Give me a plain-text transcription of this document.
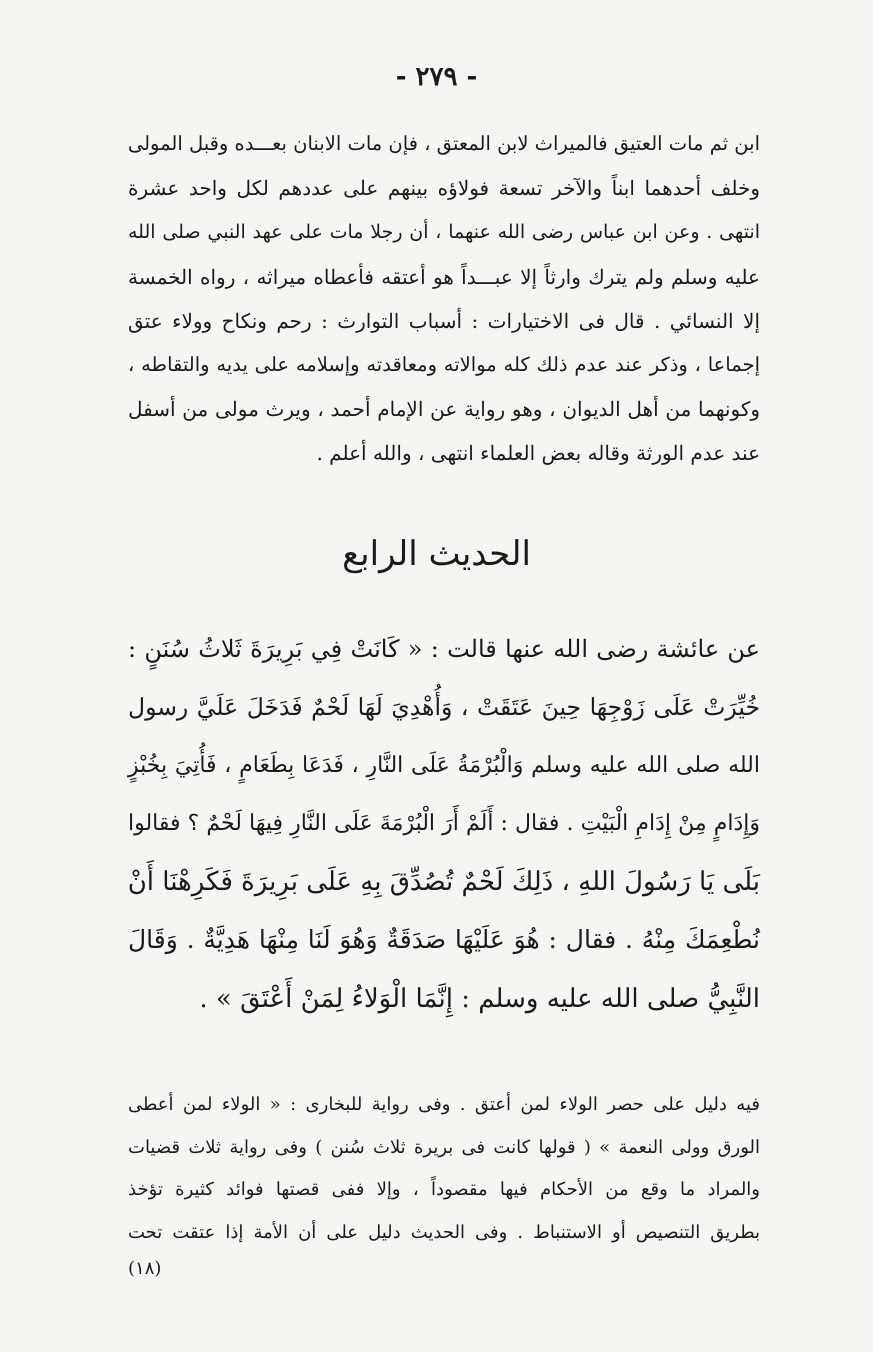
- ٢٧٩ -
ابن ثم مات العتيق فالميراث لابن المعتق ، فإن مات الابنان بعـــده وقبل المولى
وخلف أحدهما ابناً والآخر تسعة فولاؤه بينهم على عددهم لكل واحد عشرة
انتهى . وعن ابن عباس رضى الله عنهما ، أن رجلا مات على عهد النبي صلى الله
عليه وسلم ولم يترك وارثاً إلا عبـــداً هو أعتقه فأعطاه ميراثه ، رواه الخمسة
إلا النسائي . قال فى الاختيارات : أسباب التوارث : رحم ونكاح وولاء عتق
إجماعا ، وذكر عند عدم ذلك كله موالاته ومعاقدته وإسلامه على يديه والتقاطه ،
وكونهما من أهل الديوان ، وهو رواية عن الإمام أحمد ، ويرث مولى من أسفل
عند عدم الورثة وقاله بعض العلماء انتهى ، والله أعلم .
الحديث الرابع
عن عائشة رضى الله عنها قالت : « كَانَتْ فِي بَرِيرَةَ ثَلاثُ سُنَنٍ :
خُيِّرَتْ عَلَى زَوْجِهَا حِينَ عَتَقَتْ ، وَأُهْدِيَ لَهَا لَحْمٌ فَدَخَلَ عَلَيَّ رسول
الله صلى الله عليه وسلم وَالْبُرْمَةُ عَلَى النَّارِ ، فَدَعَا بِطَعَامٍ ، فَأُتِيَ بِخُبْزٍ
وَإِدَامٍ مِنْ إِدَامِ الْبَيْتِ . فقال : أَلَمْ أَرَ الْبُرْمَةَ عَلَى النَّارِ فِيهَا لَحْمٌ ؟ فقالوا
بَلَى يَا رَسُولَ اللهِ ، ذَلِكَ لَحْمٌ تُصُدِّقَ بِهِ عَلَى بَرِيرَةَ فَكَرِهْنَا أَنْ
نُطْعِمَكَ مِنْهُ . فقال : هُوَ عَلَيْهَا صَدَقَةٌ وَهُوَ لَنَا مِنْهَا هَدِيَّةٌ . وَقَالَ
النَّبِيُّ صلى الله عليه وسلم : إِنَّمَا الْوَلاءُ لِمَنْ أَعْتَقَ » .
فيه دليل على حصر الولاء لمن أعتق . وفى رواية للبخارى : « الولاء لمن أعطى
الورق وولى النعمة » ( قولها كانت فى بريرة ثلاث سُنن ) وفى رواية ثلاث قضيات
والمراد ما وقع من الأحكام فيها مقصوداً ، وإلا ففى قصتها فوائد كثيرة تؤخذ
بطريق التنصيص أو الاستنباط . وفى الحديث دليل على أن الأمة إذا عتقت تحت
(١٨)
